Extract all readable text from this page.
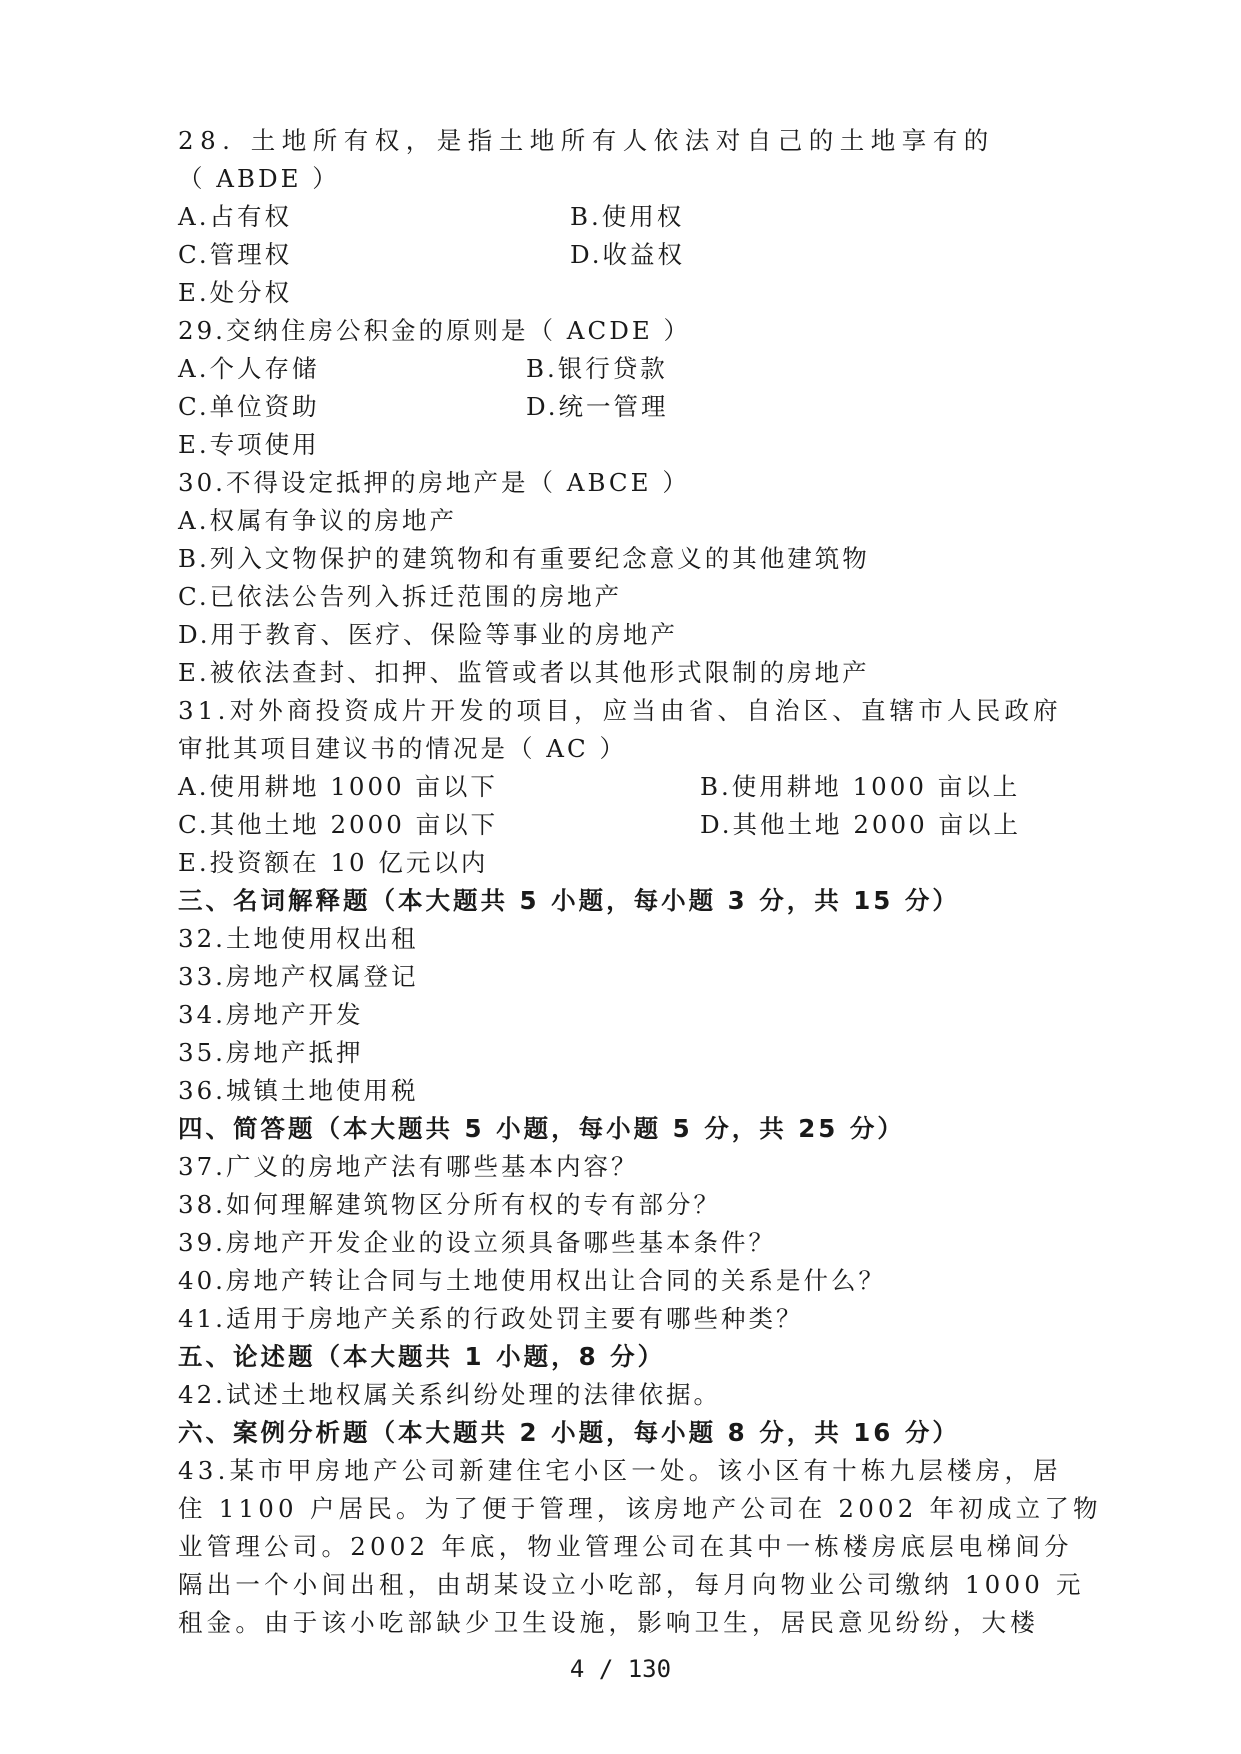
28. 土地所有权，是指土地所有人依法对自己的土地享有的
（ ABDE ）
A.占有权	B.使用权
C.管理权	D.收益权
E.处分权
29.交纳住房公积金的原则是（ ACDE ）
A.个人存储	B.银行贷款
C.单位资助	D.统一管理
E.专项使用
30.不得设定抵押的房地产是（ ABCE ）
A.权属有争议的房地产
B.列入文物保护的建筑物和有重要纪念意义的其他建筑物
C.已依法公告列入拆迁范围的房地产
D.用于教育、医疗、保险等事业的房地产
E.被依法查封、扣押、监管或者以其他形式限制的房地产
31.对外商投资成片开发的项目，应当由省、自治区、直辖市人民政府
审批其项目建议书的情况是（ AC ）
A.使用耕地 1000 亩以下	B.使用耕地 1000 亩以上
C.其他土地 2000 亩以下	D.其他土地 2000 亩以上
E.投资额在 10 亿元以内
三、名词解释题（本大题共 5 小题，每小题 3 分，共 15 分）
32.土地使用权出租
33.房地产权属登记
34.房地产开发
35.房地产抵押
36.城镇土地使用税
四、简答题（本大题共 5 小题，每小题 5 分，共 25 分）
37.广义的房地产法有哪些基本内容？
38.如何理解建筑物区分所有权的专有部分？
39.房地产开发企业的设立须具备哪些基本条件？
40.房地产转让合同与土地使用权出让合同的关系是什么？
41.适用于房地产关系的行政处罚主要有哪些种类？
五、论述题（本大题共 1 小题，8 分）
42.试述土地权属关系纠纷处理的法律依据。
六、案例分析题（本大题共 2 小题，每小题 8 分，共 16 分）
43.某市甲房地产公司新建住宅小区一处。该小区有十栋九层楼房，居
住 1100 户居民。为了便于管理，该房地产公司在 2002 年初成立了物
业管理公司。2002 年底，物业管理公司在其中一栋楼房底层电梯间分
隔出一个小间出租，由胡某设立小吃部，每月向物业公司缴纳 1000 元
租金。由于该小吃部缺少卫生设施，影响卫生，居民意见纷纷，大楼
4 / 130
